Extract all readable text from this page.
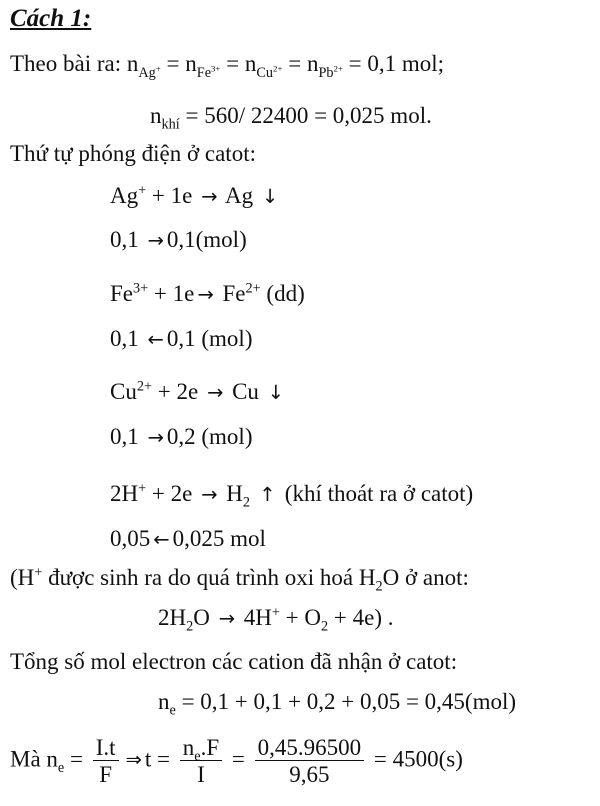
Cách 1:
Theo bài ra: $n_{Ag^+} = n_{Fe^{3+}} = n_{Cu^{2+}} = n_{Pb^{2+}} = 0,1$ mol;
$n_{khí} = 560/$ 22400 = 0,025 mol.
Thứ tự phóng điện ở catot:
Ag+ + 1e → Ag ↓
0,1 → 0,1(mol)
$Fe^{3+} + 1e \to Fe^{2+}$ (dd)
0,1 ← 0,1 (mol)
$Cu^{2+} + 2e \to Cu$ ↓
0,1 → 0,2 (mol)
$2H^+ + 2e \to H_2$ ↑ (khí thoát ra ở catot)
0,05 ← 0,025 mol
(H+ được sinh ra do quá trình oxi hoá $H_2O$ ở anot:
$2H_2O \to 4H^+ + O_2 + 4e$) .
Tổng số mol electron các cation đã nhận ở catot:
$n_e = 0,1 + 0,1 + 0,2 + 0,05 = 0,45(mol)$
Mà $n_e = \frac{I.t}{F}$ ⇒ $t = \frac{n_e.F}{I} = \frac{0,45.96500}{9,65} = 4500(s)$
